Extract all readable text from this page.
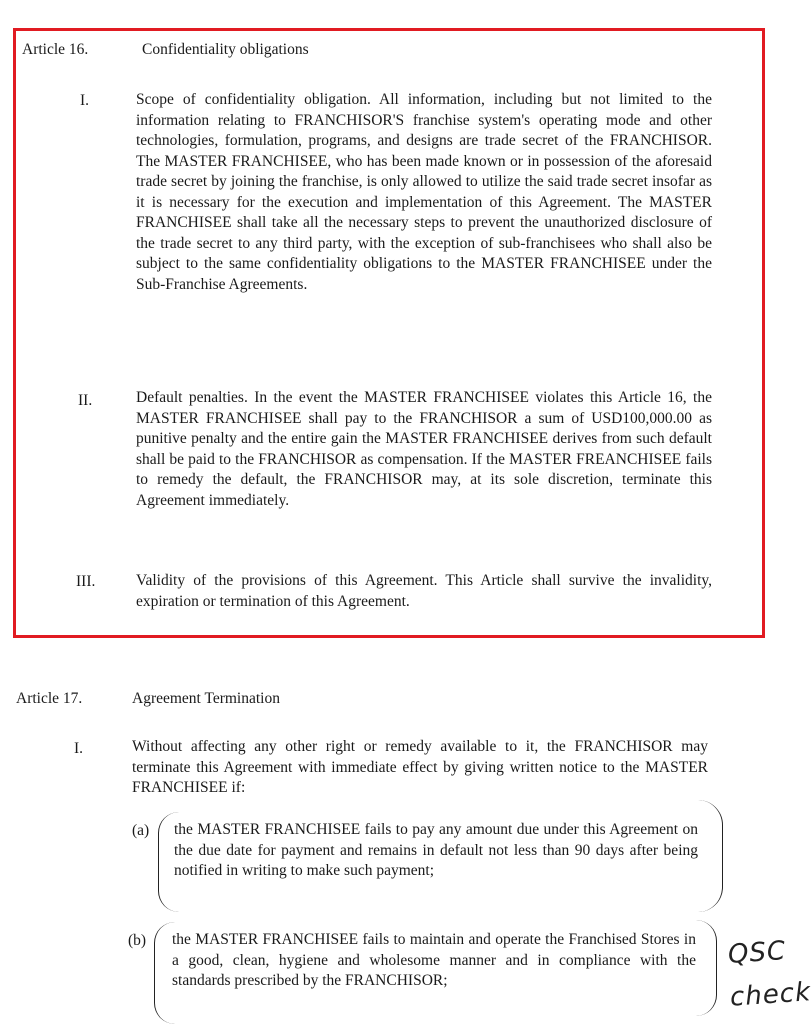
Article 16.	Confidentiality obligations
I.	Scope of confidentiality obligation. All information, including but not limited to the information relating to FRANCHISOR'S franchise system's operating mode and other technologies, formulation, programs, and designs are trade secret of the FRANCHISOR. The MASTER FRANCHISEE, who has been made known or in possession of the aforesaid trade secret by joining the franchise, is only allowed to utilize the said trade secret insofar as it is necessary for the execution and implementation of this Agreement. The MASTER FRANCHISEE shall take all the necessary steps to prevent the unauthorized disclosure of the trade secret to any third party, with the exception of sub-franchisees who shall also be subject to the same confidentiality obligations to the MASTER FRANCHISEE under the Sub-Franchise Agreements.

II.	Default penalties. In the event the MASTER FRANCHISEE violates this Article 16, the MASTER FRANCHISEE shall pay to the FRANCHISOR a sum of USD100,000.00 as punitive penalty and the entire gain the MASTER FRANCHISEE derives from such default shall be paid to the FRANCHISOR as compensation. If the MASTER FREANCHISEE fails to remedy the default, the FRANCHISOR may, at its sole discretion, terminate this Agreement immediately.

III.	Validity of the provisions of this Agreement. This Article shall survive the invalidity, expiration or termination of this Agreement.

Article 17.	Agreement Termination
I.	Without affecting any other right or remedy available to it, the FRANCHISOR may terminate this Agreement with immediate effect by giving written notice to the MASTER FRANCHISEE if:

(a) the MASTER FRANCHISEE fails to pay any amount due under this Agreement on the due date for payment and remains in default not less than 90 days after being notified in writing to make such payment;

(b) the MASTER FRANCHISEE fails to maintain and operate the Franchised Stores in a good, clean, hygiene and wholesome manner and in compliance with the standards prescribed by the FRANCHISOR;

QSC
check
